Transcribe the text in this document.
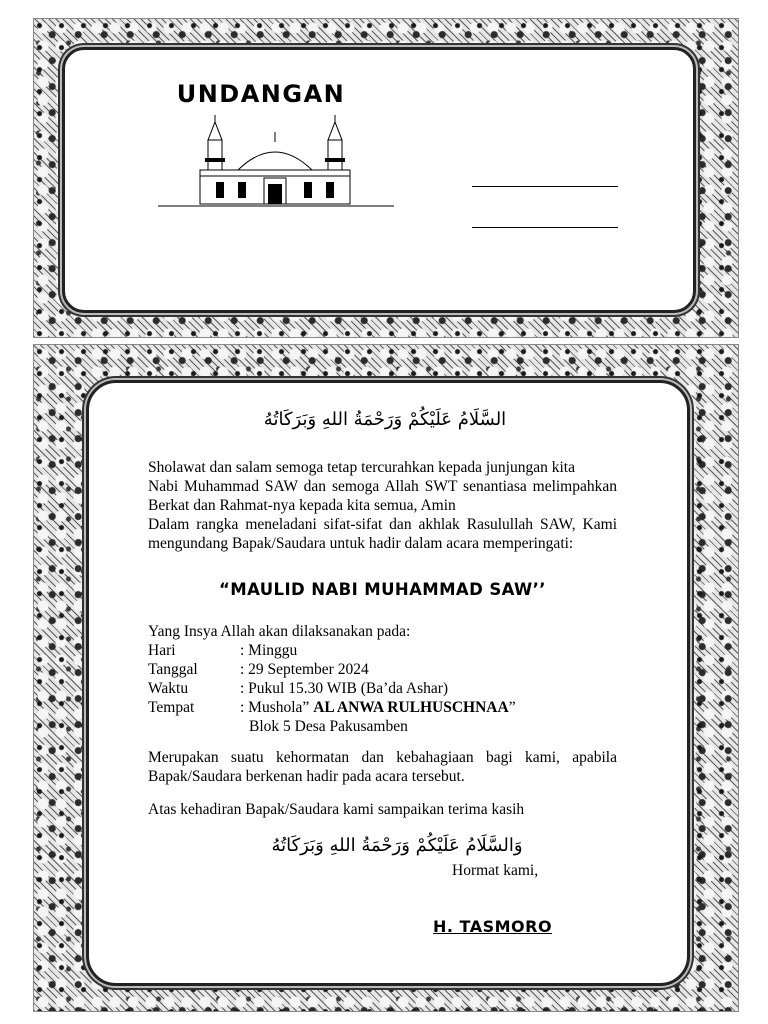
UNDANGAN
السَّلَامُ عَلَيْكُمْ وَرَحْمَةُ اللهِ وَبَرَكَاتُهُ
Sholawat dan salam semoga tetap tercurahkan kepada junjungan kita
Nabi Muhammad SAW dan semoga Allah SWT senantiasa melimpahkan Berkat dan Rahmat-nya kepada kita semua, Amin
Dalam rangka meneladani sifat-sifat dan akhlak Rasulullah SAW, Kami mengundang Bapak/Saudara untuk hadir dalam acara memperingati:
“MAULID NABI MUHAMMAD SAW’’
Yang Insya Allah akan dilaksanakan pada:
Hari	: Minggu
Tanggal	: 29 September 2024
Waktu	: Pukul 15.30 WIB (Ba’da Ashar)
Tempat	: Mushola” AL ANWA RULHUSCHNAA”
Blok 5 Desa Pakusamben
Merupakan suatu kehormatan dan kebahagiaan bagi kami, apabila Bapak/Saudara berkenan hadir pada acara tersebut.
Atas kehadiran Bapak/Saudara kami sampaikan terima kasih
وَالسَّلَامُ عَلَيْكُمْ وَرَحْمَةُ اللهِ وَبَرَكَاتُهُ
Hormat kami,
H. TASMORO
